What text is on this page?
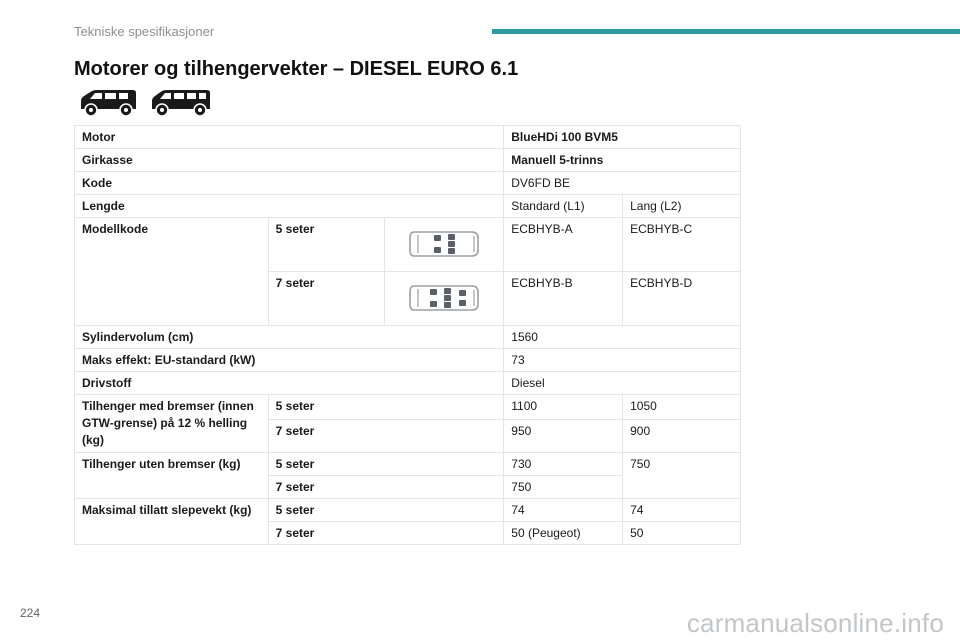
Tekniske spesifikasjoner
Motorer og tilhengervekter – DIESEL EURO 6.1
Motor			BlueHDi 100 BVM5	
Girkasse			Manuell 5-trinns	
Kode			DV6FD BE	
Lengde			Standard (L1)	Lang (L2)
Modellkode	5 seter		ECBHYB-A	ECBHYB-C
	7 seter		ECBHYB-B	ECBHYB-D
Sylindervolum (cm)			1560	
Maks effekt: EU-standard (kW)			73	
Drivstoff			Diesel	
Tilhenger med bremser (innen GTW-grense) på 12 % helling (kg)	5 seter		1100	1050
	7 seter		950	900
Tilhenger uten bremser (kg)	5 seter		730	750
	7 seter		750	
Maksimal tillatt slepevekt (kg)	5 seter		74	74
	7 seter		50 (Peugeot)	50
224	carmanualsonline.info
